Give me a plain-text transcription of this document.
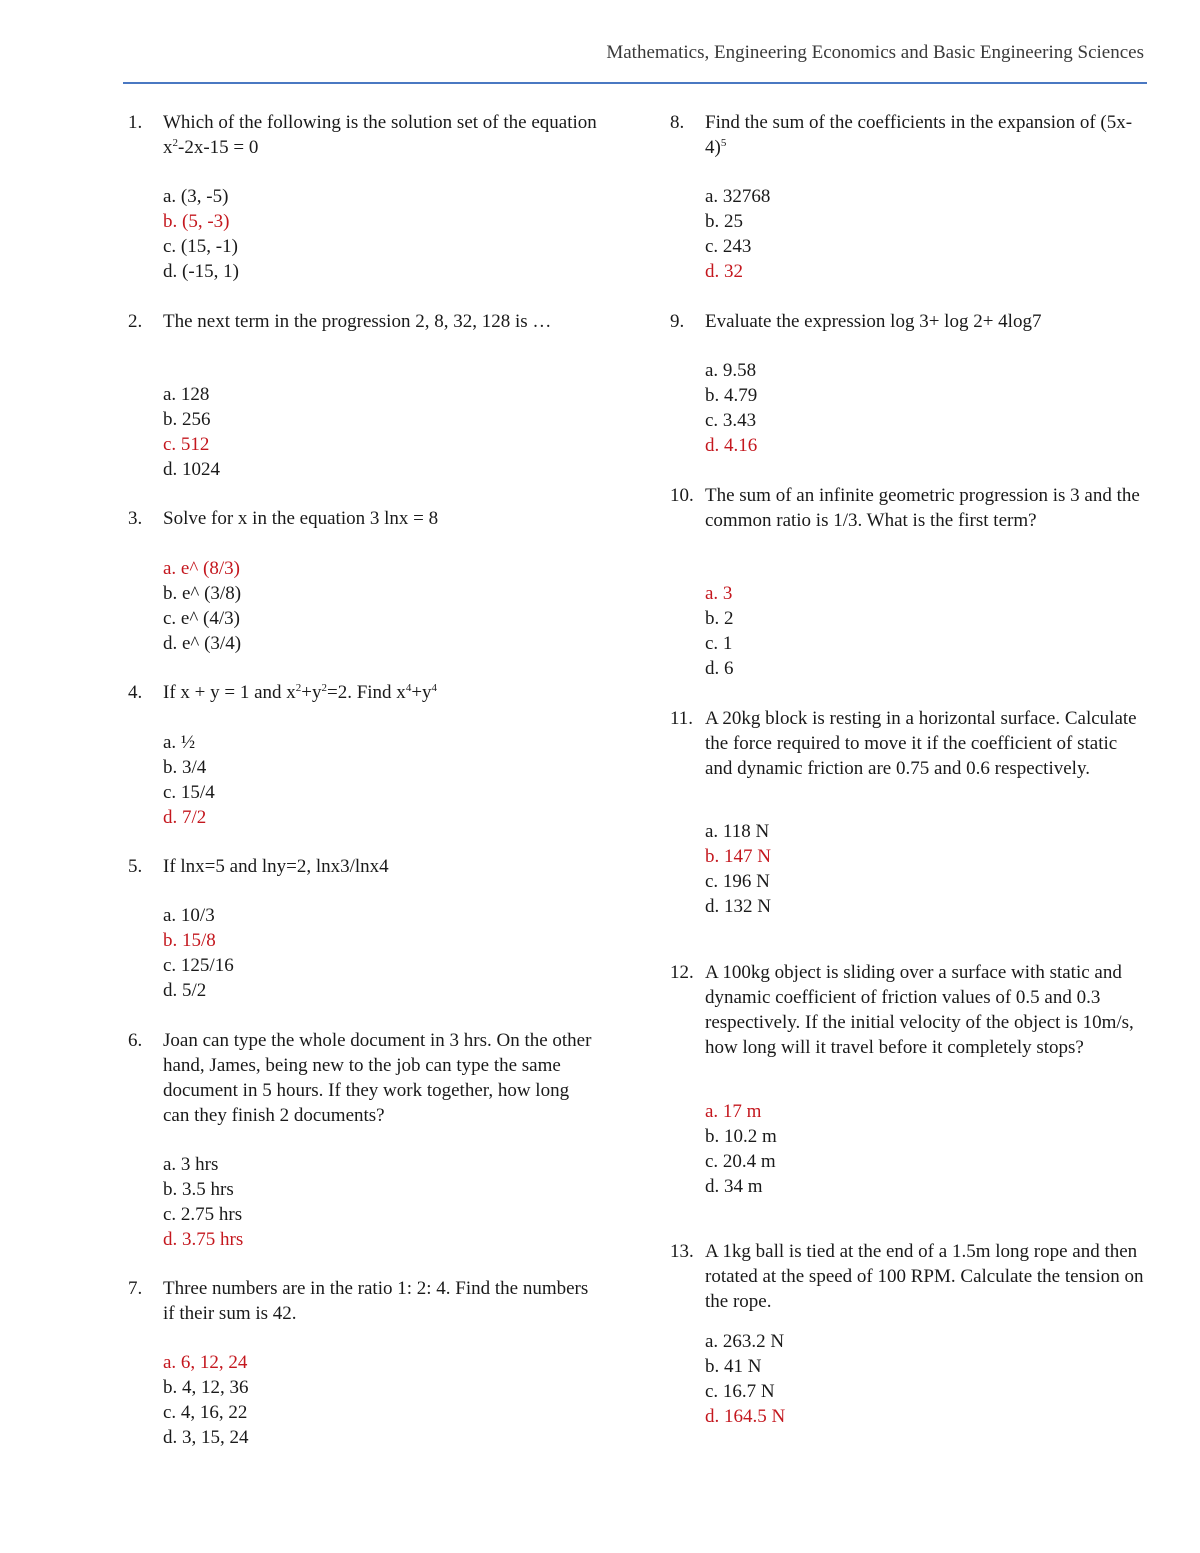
Mathematics, Engineering Economics and Basic Engineering Sciences
1.	Which of the following is the solution set of the equation $x^2-2x-15 = 0$
a. (3, -5)
b. (5, -3)
c. (15, -1)
d. (-15, 1)
2.	The next term in the progression 2, 8, 32, 128 is …
a. 128
b. 256
c. 512
d. 1024
3.	Solve for x in the equation 3 lnx = 8
a. e^ (8/3)
b. e^ (3/8)
c. e^ (4/3)
d. e^ (3/4)
4.	If x + y = 1 and $x^2+y^2=2$. Find $x^4+y^4$
a. ½
b. 3/4
c. 15/4
d. 7/2
5.	If lnx=5 and lny=2, lnx3/lnx4
a. 10/3
b. 15/8
c. 125/16
d. 5/2
6.	Joan can type the whole document in 3 hrs. On the other hand, James, being new to the job can type the same document in 5 hours. If they work together, how long can they finish 2 documents?
a. 3 hrs
b. 3.5 hrs
c. 2.75 hrs
d. 3.75 hrs
7.	Three numbers are in the ratio 1: 2: 4. Find the numbers if their sum is 42.
a. 6, 12, 24
b. 4, 12, 36
c. 4, 16, 22
d. 3, 15, 24
8.	Find the sum of the coefficients in the expansion of $(5x-4)^5$
a. 32768
b. 25
c. 243
d. 32
9.	Evaluate the expression log 3+ log 2+ 4log7
a. 9.58
b. 4.79
c. 3.43
d. 4.16
10. The sum of an infinite geometric progression is 3 and the common ratio is 1/3. What is the first term?
a. 3
b. 2
c. 1
d. 6
11. A 20kg block is resting in a horizontal surface. Calculate the force required to move it if the coefficient of static and dynamic friction are 0.75 and 0.6 respectively.
a. 118 N
b. 147 N
c. 196 N
d. 132 N
12. A 100kg object is sliding over a surface with static and dynamic coefficient of friction values of 0.5 and 0.3 respectively. If the initial velocity of the object is 10m/s, how long will it travel before it completely stops?
a. 17 m
b. 10.2 m
c. 20.4 m
d. 34 m
13. A 1kg ball is tied at the end of a 1.5m long rope and then rotated at the speed of 100 RPM. Calculate the tension on the rope.
a. 263.2 N
b. 41 N
c. 16.7 N
d. 164.5 N
